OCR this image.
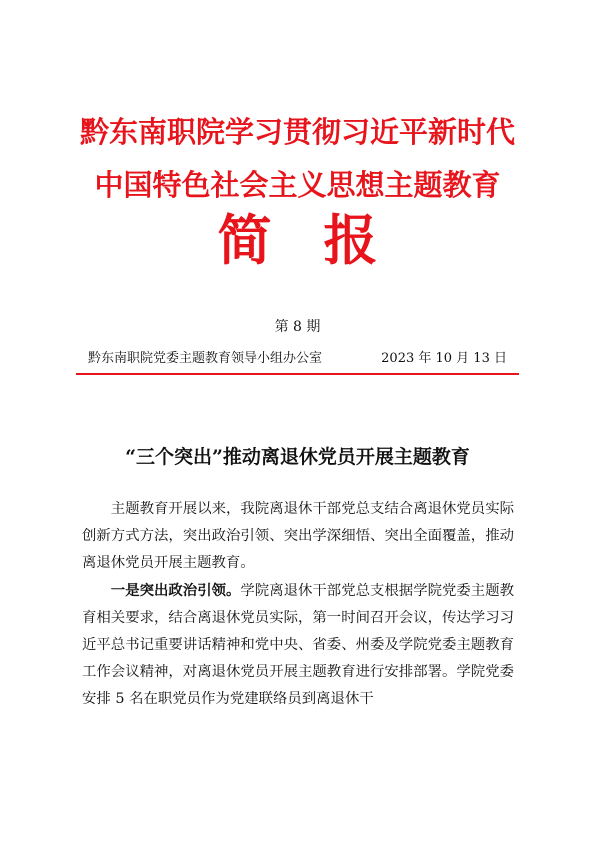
黔东南职院学习贯彻习近平新时代
中国特色社会主义思想主题教育
简报
第 8 期
黔东南职院党委主题教育领导小组办公室	2023 年 10 月 13 日
“三个突出”推动离退休党员开展主题教育

主题教育开展以来，我院离退休干部党总支结合离退休党员实际创新方式方法，突出政治引领、突出学深细悟、突出全面覆盖，推动离退休党员开展主题教育。

一是突出政治引领。学院离退休干部党总支根据学院党委主题教育相关要求，结合离退休党员实际，第一时间召开会议，传达学习习近平总书记重要讲话精神和党中央、省委、州委及学院党委主题教育工作会议精神，对离退休党员开展主题教育进行安排部署。学院党委安排 5 名在职党员作为党建联络员到离退休干
